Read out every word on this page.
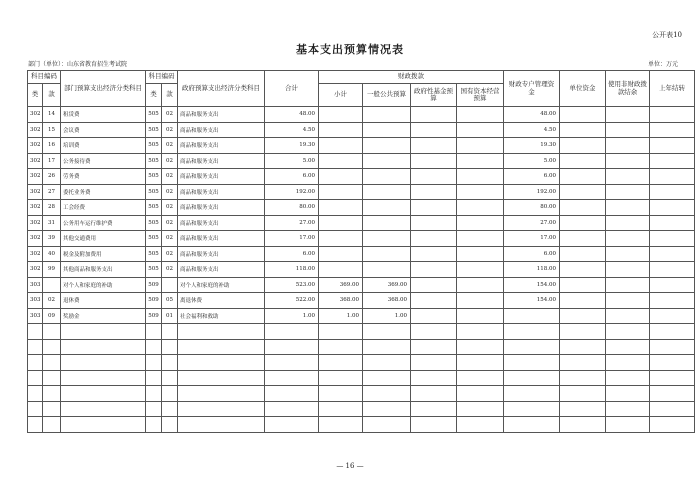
公开表10
基本支出预算情况表
部门（单位）：山东省教育招生考试院	单位：万元
科目编码		部门预算支出经济分类科目	科目编码		政府预算支出经济分类科目	合计	财政拨款				财政专户管理资金	单位资金	使用非财政拨款结余	上年结转
类	款		类	款			小计	一般公共预算	政府性基金预算	国有资本经营预算				
302	14	租赁费	505	02	商品和服务支出	48.00					48.00			
302	15	会议费	505	02	商品和服务支出	4.50					4.50			
302	16	培训费	505	02	商品和服务支出	19.30					19.30			
302	17	公务接待费	505	02	商品和服务支出	5.00					5.00			
302	26	劳务费	505	02	商品和服务支出	6.00					6.00			
302	27	委托业务费	505	02	商品和服务支出	192.00					192.00			
302	28	工会经费	505	02	商品和服务支出	80.00					80.00			
302	31	公务用车运行维护费	505	02	商品和服务支出	27.00					27.00			
302	39	其他交通费用	505	02	商品和服务支出	17.00					17.00			
302	40	税金及附加费用	505	02	商品和服务支出	6.00					6.00			
302	99	其他商品和服务支出	505	02	商品和服务支出	118.00					118.00			
303		对个人和家庭的补助	509		对个人和家庭的补助	523.00	369.00	369.00			154.00			
303	02	退休费	509	05	离退休费	522.00	368.00	368.00			154.00			
303	09	奖励金	509	01	社会福利和救助	1.00	1.00	1.00						

— 16 —
